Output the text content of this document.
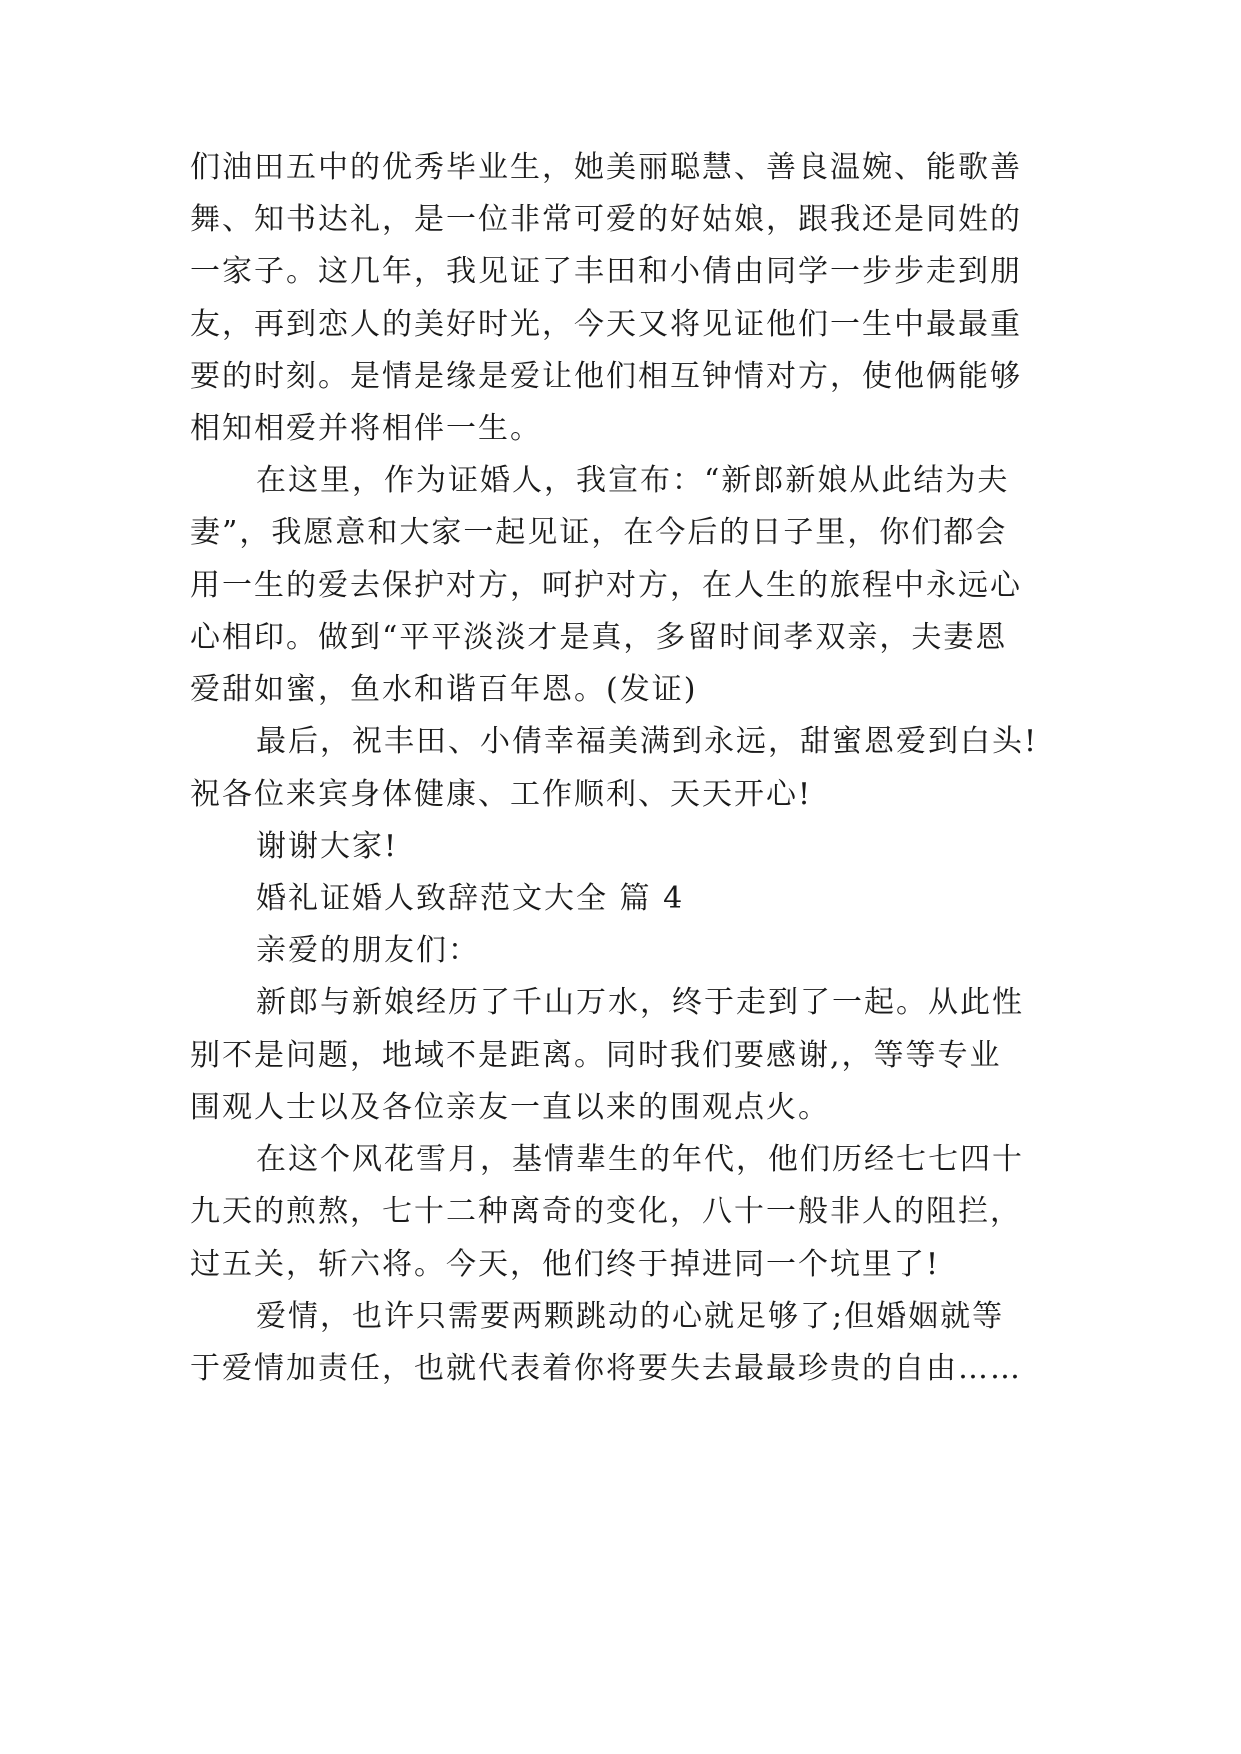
们油田五中的优秀毕业生，她美丽聪慧、善良温婉、能歌善
舞、知书达礼，是一位非常可爱的好姑娘，跟我还是同姓的
一家子。这几年，我见证了丰田和小倩由同学一步步走到朋
友，再到恋人的美好时光，今天又将见证他们一生中最最重
要的时刻。是情是缘是爱让他们相互钟情对方，使他俩能够
相知相爱并将相伴一生。
在这里，作为证婚人，我宣布：“新郎新娘从此结为夫
妻”，我愿意和大家一起见证，在今后的日子里，你们都会
用一生的爱去保护对方，呵护对方，在人生的旅程中永远心
心相印。做到“平平淡淡才是真，多留时间孝双亲，夫妻恩
爱甜如蜜，鱼水和谐百年恩。(发证)
最后，祝丰田、小倩幸福美满到永远，甜蜜恩爱到白头!
祝各位来宾身体健康、工作顺利、天天开心!
谢谢大家!
婚礼证婚人致辞范文大全 篇 4
亲爱的朋友们：
新郎与新娘经历了千山万水，终于走到了一起。从此性
别不是问题，地域不是距离。同时我们要感谢,，等等专业
围观人士以及各位亲友一直以来的围观点火。
在这个风花雪月，基情辈生的年代，他们历经七七四十
九天的煎熬，七十二种离奇的变化，八十一般非人的阻拦，
过五关，斩六将。今天，他们终于掉进同一个坑里了!
爱情，也许只需要两颗跳动的心就足够了;但婚姻就等
于爱情加责任，也就代表着你将要失去最最珍贵的自由……
